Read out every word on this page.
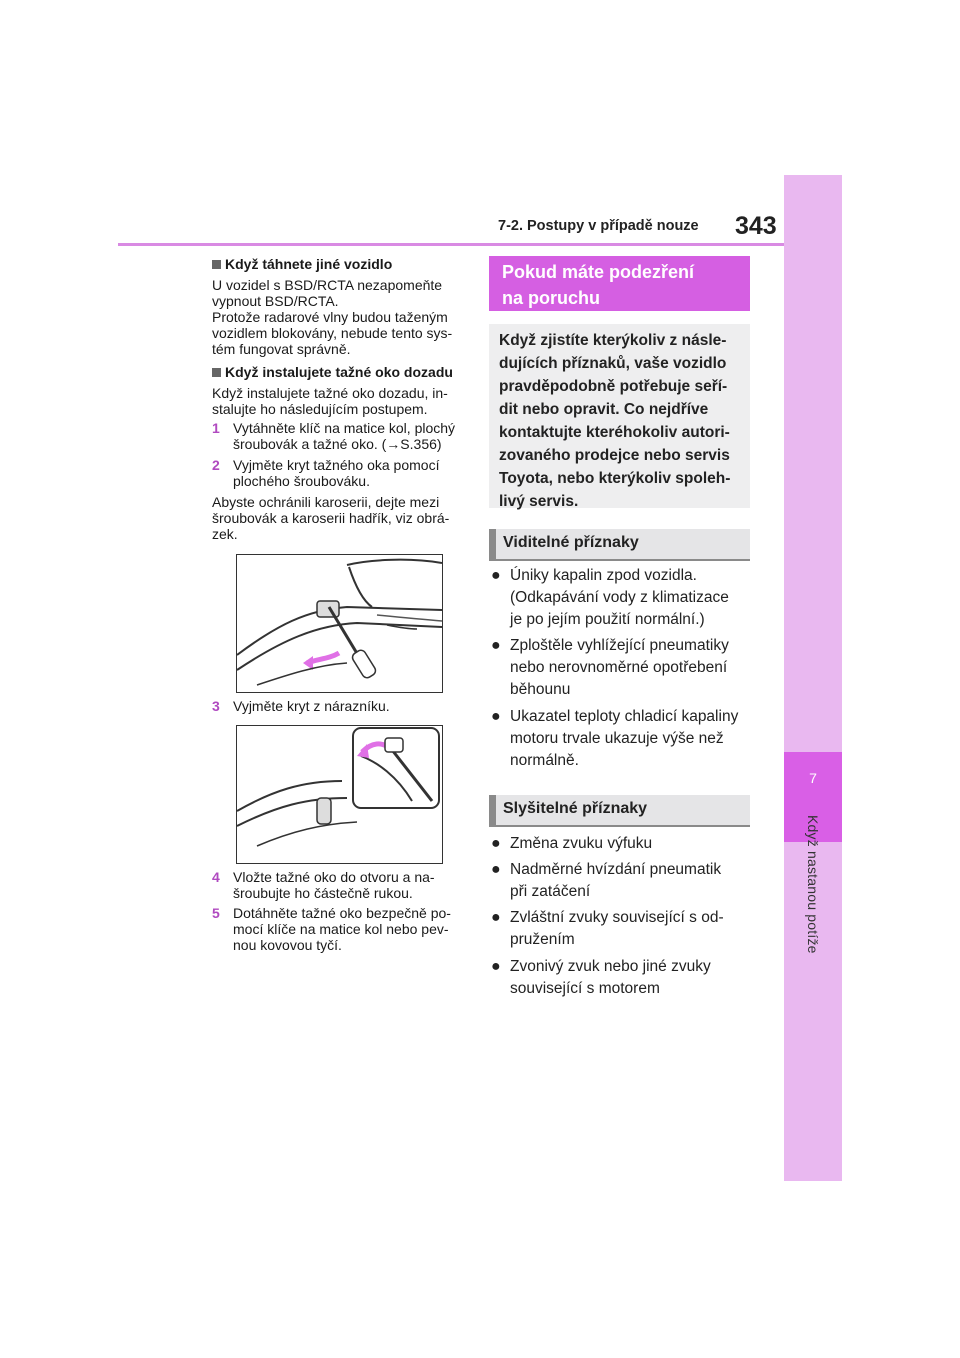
7-2. Postupy v případě nouze 343
7
Když nastanou potíže
Když táhnete jiné vozidlo
U vozidel s BSD/RCTA nezapomeňte
vypnout BSD/RCTA.
Protože radarové vlny budou taženým
vozidlem blokovány, nebude tento sys-
tém fungovat správně.
Když instalujete tažné oko dozadu
Když instalujete tažné oko dozadu, in-
stalujte ho následujícím postupem.
1 Vytáhněte klíč na matice kol, plochý
šroubovák a tažné oko. (→S.356)
2 Vyjměte kryt tažného oka pomocí
plochého šroubováku.
Abyste ochránili karoserii, dejte mezi
šroubovák a karoserii hadřík, viz obrá-
zek.
3 Vyjměte kryt z nárazníku.
4 Vložte tažné oko do otvoru a na-
šroubujte ho částečně rukou.
5 Dotáhněte tažné oko bezpečně po-
mocí klíče na matice kol nebo pev-
nou kovovou tyčí.
Pokud máte podezření
na poruchu
Když zjistíte kterýkoliv z násle-
dujících příznaků, vaše vozidlo
pravděpodobně potřebuje seří-
dit nebo opravit. Co nejdříve
kontaktujte kteréhokoliv autori-
zovaného prodejce nebo servis
Toyota, nebo kterýkoliv spoleh-
livý servis.
Viditelné příznaky
● Úniky kapalin zpod vozidla.
(Odkapávání vody z klimatizace
je po jejím použití normální.)
● Zploštěle vyhlížející pneumatiky
nebo nerovnoměrné opotřebení
běhounu
● Ukazatel teploty chladicí kapaliny
motoru trvale ukazuje výše než
normálně.
Slyšitelné příznaky
● Změna zvuku výfuku
● Nadměrné hvízdání pneumatik
při zatáčení
● Zvláštní zvuky související s od-
pružením
● Zvonivý zvuk nebo jiné zvuky
související s motorem
